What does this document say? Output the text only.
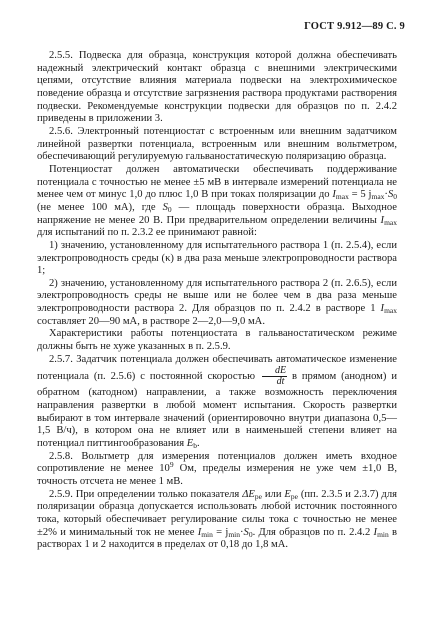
ГОСТ 9.912—89 С. 9

2.5.5. Подвеска для образца, конструкция которой должна обеспечивать надежный электрический контакт образца с внешними электрическими цепями, отсутствие влияния материала подвески на электрохимическое поведение образца и отсутствие загрязнения раствора продуктами растворения подвески. Рекомендуемые конструкции подвески для образцов по п. 2.4.2 приведены в приложении 3.

2.5.6. Электронный потенциостат с встроенным или внешним задатчиком линейной развертки потенциала, встроенным или внешним вольтметром, обеспечивающий регулируемую гальваностатическую поляризацию образца.

Потенциостат должен автоматически обеспечивать поддерживание потенциала с точностью не менее ±5 мВ в интервале измерений потенциала не менее чем от минус 1,0 до плюс 1,0 В при токах поляризации до $I_{max} = 5$ $j_{max}\cdot S_0$ (не менее 100 мА), где $S_0$ — площадь поверхности образца. Выходное напряжение не менее 20 В. При предварительном определении величины $I_{max}$ для испытаний по п. 2.3.2 ее принимают равной:

1) значению, установленному для испытательного раствора 1 (п. 2.5.4), если электропроводность среды (κ) в два раза меньше электропроводности раствора 1;

2) значению, установленному для испытательного раствора 2 (п. 2.6.5), если электропроводность среды не выше или не более чем в два раза меньше электропроводности раствора 2. Для образцов по п. 2.4.2 в растворе 1 $I_{max}$ составляет 20—90 мА, в растворе 2—2,0—9,0 мА.

Характеристики работы потенциостата в гальваностатическом режиме должны быть не хуже указанных в п. 2.5.9.

2.5.7. Задатчик потенциала должен обеспечивать автоматическое изменение потенциала (п. 2.5.6) с постоянной скоростью $\frac{dE}{dt}$ в прямом (анодном) и обратном (катодном) направлении, а также возможность переключения направления развертки в любой момент испытания. Скорость развертки выбирают в том интервале значений (ориентировочно внутри диапазона 0,5—1,5 В/ч), в котором она не влияет или в наименьшей степени влияет на потенциал питтингообразования $E_b$.

2.5.8. Вольтметр для измерения потенциалов должен иметь входное сопротивление не менее $10^9$ Ом, пределы измерения не уже чем ±1,0 В, точность отсчета не менее 1 мВ.

2.5.9. При определении только показателя $\Delta E_{pe}$ или $E_{pe}$ (пп. 2.3.5 и 2.3.7) для поляризации образца допускается использовать любой источник постоянного тока, который обеспечивает регулирование силы тока с точностью не менее ±2% и минимальный ток не менее $I_{min} = j_{min}\cdot S_0$. Для образцов по п. 2.4.2 $I_{min}$ в растворах 1 и 2 находится в пределах от 0,18 до 1,8 мА.
